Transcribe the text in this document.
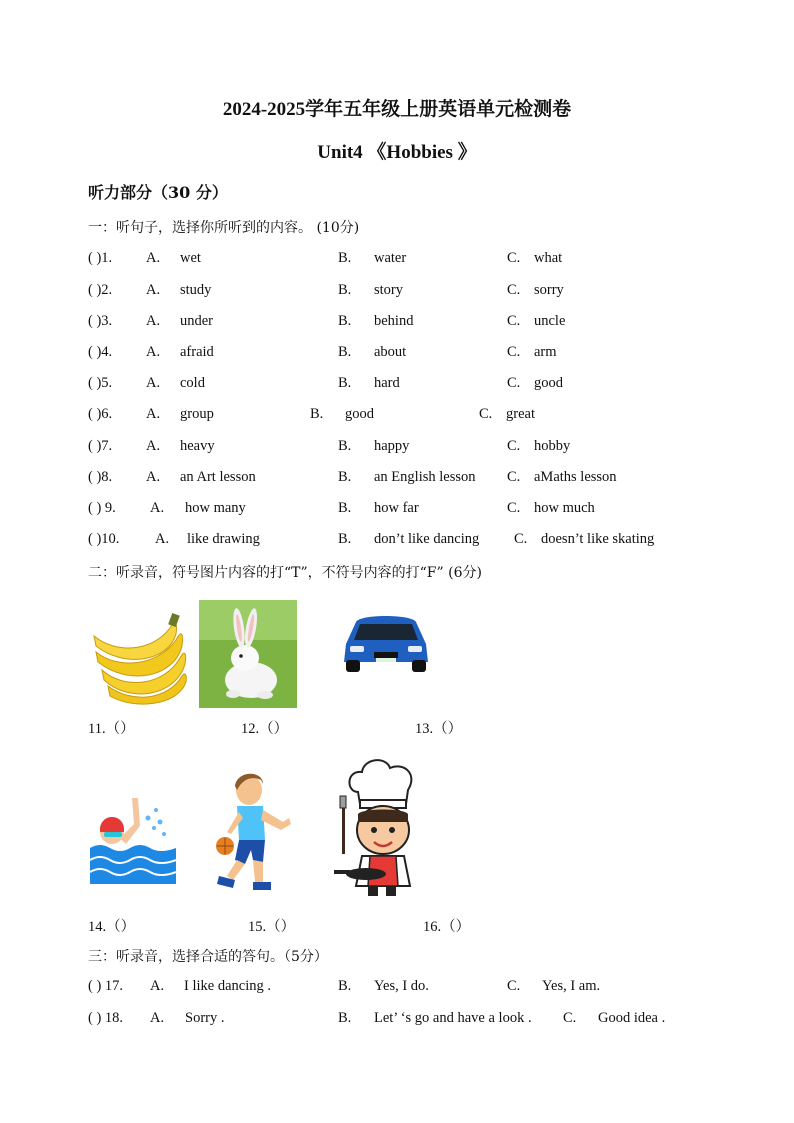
2024-2025学年五年级上册英语单元检测卷
Unit4 《Hobbies 》
听力部分（30 分）
一：听句子，选择你所听到的内容。 (10分)
( )1. A. wet	B. water	C. what
( )2. A. study	B. story	C. sorry
( )3. A. under	B. behind	C. uncle
( )4. A. afraid	B. about	C. arm
( )5. A. cold	B. hard	C. good
( )6. A. group	B. good	C. great
( )7. A. heavy	B. happy	C. hobby
( )8. A. an Art lesson	B. an English lesson C. aMaths lesson
( ) 9. A. how many	B. how far	C. how much
( )10. A. like drawing	B. don’t like dancing C. doesn’t like skating
二：听录音，符号图片内容的打“T”，不符号内容的打“F” (6分)
11.（）	12.（）	13.（）
14.（）	15.（）	16.（）
三：听录音，选择合适的答句。（5分）
( ) 17. A. I like dancing .	B. Yes, I do.	C. Yes, I am.
( ) 18. A. Sorry .	B. Let’ ‘s go and have a look . C. Good idea .
